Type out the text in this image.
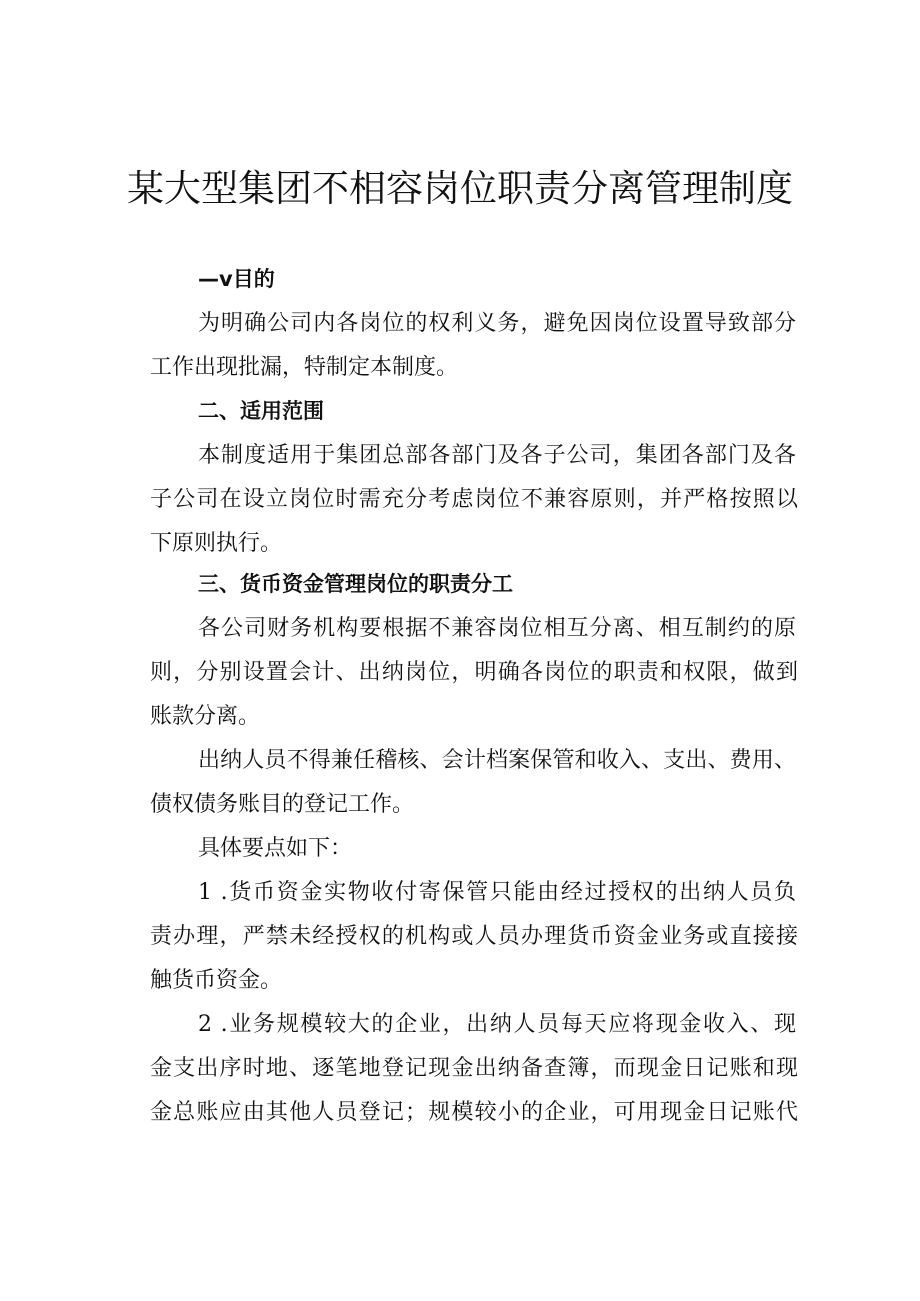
某大型集团不相容岗位职责分离管理制度
—v目的
为明确公司内各岗位的权利义务，避免因岗位设置导致部分
工作出现批漏，特制定本制度。
二、适用范围
本制度适用于集团总部各部门及各子公司，集团各部门及各
子公司在设立岗位时需充分考虑岗位不兼容原则，并严格按照以
下原则执行。
三、货币资金管理岗位的职责分工
各公司财务机构要根据不兼容岗位相互分离、相互制约的原
则，分别设置会计、出纳岗位，明确各岗位的职责和权限，做到
账款分离。
出纳人员不得兼任稽核、会计档案保管和收入、支出、费用、
债权债务账目的登记工作。
具体要点如下：
1 .货币资金实物收付寄保管只能由经过授权的出纳人员负
责办理，严禁未经授权的机构或人员办理货币资金业务或直接接
触货币资金。
2 .业务规模较大的企业，出纳人员每天应将现金收入、现
金支出序时地、逐笔地登记现金出纳备查簿，而现金日记账和现
金总账应由其他人员登记；规模较小的企业，可用现金日记账代
